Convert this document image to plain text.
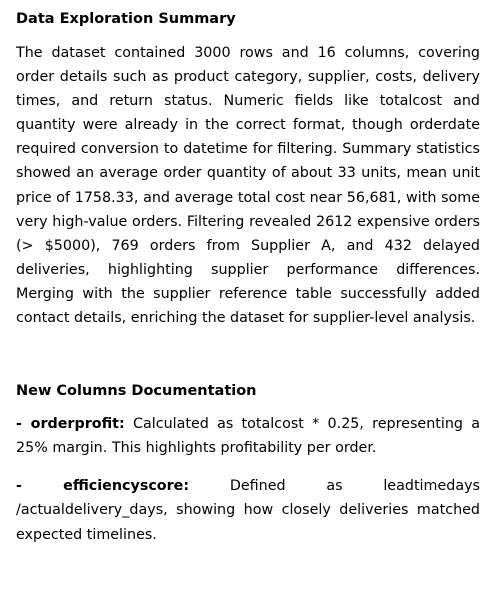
Data Exploration Summary

The dataset contained 3000 rows and 16 columns, covering order details such as product category, supplier, costs, delivery times, and return status. Numeric fields like totalcost and quantity were already in the correct format, though orderdate required conversion to datetime for filtering. Summary statistics showed an average order quantity of about 33 units, mean unit price of 1758.33, and average total cost near 56,681, with some very high-value orders. Filtering revealed 2612 expensive orders (> $5000), 769 orders from Supplier A, and 432 delayed deliveries, highlighting supplier performance differences. Merging with the supplier reference table successfully added contact details, enriching the dataset for supplier-level analysis.

New Columns Documentation

- orderprofit: Calculated as totalcost * 0.25, representing a 25% margin. This highlights profitability per order.

- efficiencyscore: Defined as leadtimedays /actualdelivery_days, showing how closely deliveries matched expected timelines.
